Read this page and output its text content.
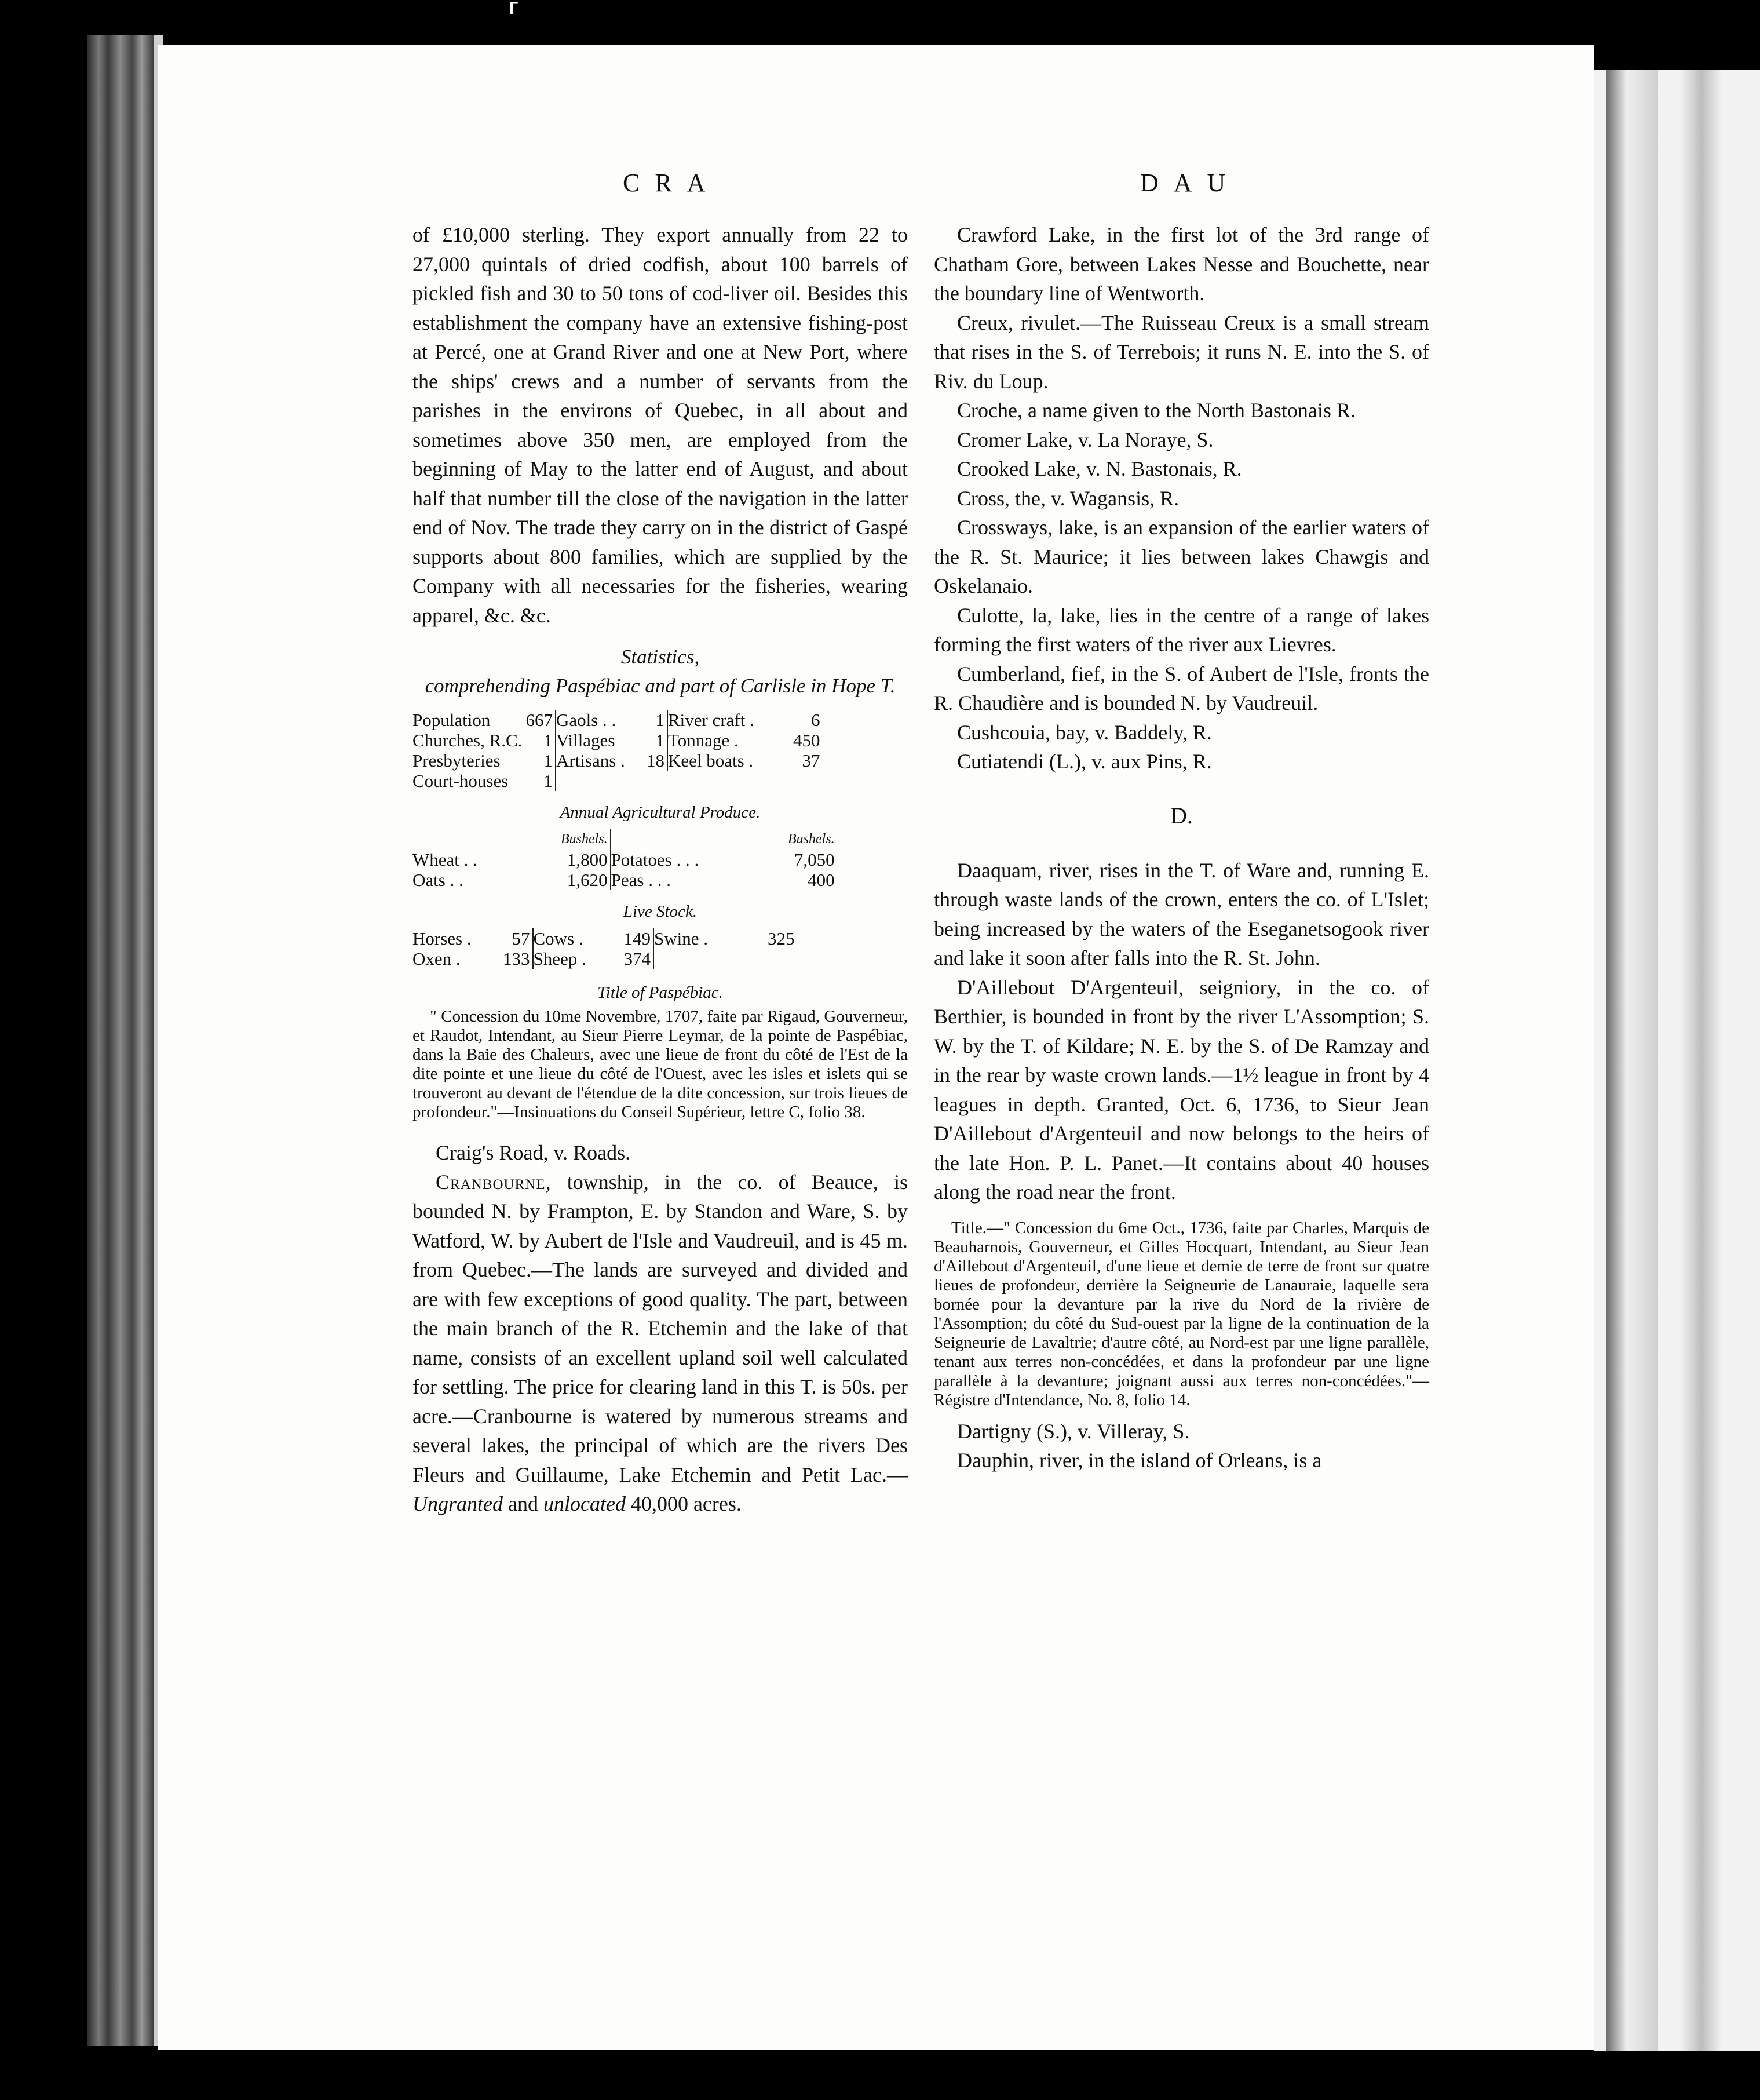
⸢
CRA	DAU

of £10,000 sterling. They export annually from 22 to 27,000 quintals of dried codfish, about 100 barrels of pickled fish and 30 to 50 tons of cod-liver oil. Besides this establishment the company have an extensive fishing-post at Percé, one at Grand River and one at New Port, where the ships' crews and a number of servants from the parishes in the environs of Quebec, in all about and sometimes above 350 men, are employed from the beginning of May to the latter end of August, and about half that number till the close of the navigation in the latter end of Nov. The trade they carry on in the district of Gaspé supports about 800 families, which are supplied by the Company with all necessaries for the fisheries, wearing apparel, &c. &c.

Statistics,
comprehending Paspébiac and part of Carlisle in Hope T.
Population	667	Gaols . .	1	River craft .	6
Churches, R.C.	1	Villages	1	Tonnage .	450
Presbyteries	1	Artisans .	18	Keel boats .	37
Court-houses	1				
Annual Agricultural Produce.
	Bushels.		Bushels.
Wheat . .	1,800	Potatoes . . .	7,050
Oats . .	1,620	Peas . . .	400
Live Stock.
Horses .	57	Cows .	149	Swine .	325
Oxen .	133	Sheep .	374		
Title of Paspébiac.

" Concession du 10me Novembre, 1707, faite par Rigaud, Gouverneur, et Raudot, Intendant, au Sieur Pierre Leymar, de la pointe de Paspébiac, dans la Baie des Chaleurs, avec une lieue de front du côté de l'Est de la dite pointe et une lieue du côté de l'Ouest, avec les isles et islets qui se trouveront au devant de l'étendue de la dite concession, sur trois lieues de profondeur."—Insinuations du Conseil Supérieur, lettre C, folio 38.

Craig's Road, v. Roads.

Cranbourne, township, in the co. of Beauce, is bounded N. by Frampton, E. by Standon and Ware, S. by Watford, W. by Aubert de l'Isle and Vaudreuil, and is 45 m. from Quebec.—The lands are surveyed and divided and are with few exceptions of good quality. The part, between the main branch of the R. Etchemin and the lake of that name, consists of an excellent upland soil well calculated for settling. The price for clearing land in this T. is 50s. per acre.—Cranbourne is watered by numerous streams and several lakes, the principal of which are the rivers Des Fleurs and Guillaume, Lake Etchemin and Petit Lac.— Ungranted and unlocated 40,000 acres.

Crawford Lake, in the first lot of the 3rd range of Chatham Gore, between Lakes Nesse and Bouchette, near the boundary line of Wentworth.

Creux, rivulet.—The Ruisseau Creux is a small stream that rises in the S. of Terrebois; it runs N. E. into the S. of Riv. du Loup.

Croche, a name given to the North Bastonais R.

Cromer Lake, v. La Noraye, S.

Crooked Lake, v. N. Bastonais, R.

Cross, the, v. Wagansis, R.

Crossways, lake, is an expansion of the earlier waters of the R. St. Maurice; it lies between lakes Chawgis and Oskelanaio.

Culotte, la, lake, lies in the centre of a range of lakes forming the first waters of the river aux Lievres.

Cumberland, fief, in the S. of Aubert de l'Isle, fronts the R. Chaudière and is bounded N. by Vaudreuil.

Cushcouia, bay, v. Baddely, R.

Cutiatendi (L.), v. aux Pins, R.

D.

Daaquam, river, rises in the T. of Ware and, running E. through waste lands of the crown, enters the co. of L'Islet; being increased by the waters of the Eseganetsogook river and lake it soon after falls into the R. St. John.

D'Aillebout D'Argenteuil, seigniory, in the co. of Berthier, is bounded in front by the river L'Assomption; S. W. by the T. of Kildare; N. E. by the S. of De Ramzay and in the rear by waste crown lands.—1½ league in front by 4 leagues in depth. Granted, Oct. 6, 1736, to Sieur Jean D'Aillebout d'Argenteuil and now belongs to the heirs of the late Hon. P. L. Panet.—It contains about 40 houses along the road near the front.

Title.—" Concession du 6me Oct., 1736, faite par Charles, Marquis de Beauharnois, Gouverneur, et Gilles Hocquart, Intendant, au Sieur Jean d'Aillebout d'Argenteuil, d'une lieue et demie de terre de front sur quatre lieues de profondeur, derrière la Seigneurie de Lanauraie, laquelle sera bornée pour la devanture par la rive du Nord de la rivière de l'Assomption; du côté du Sud-ouest par la ligne de la continuation de la Seigneurie de Lavaltrie; d'autre côté, au Nord-est par une ligne parallèle, tenant aux terres non-concédées, et dans la profondeur par une ligne parallèle à la devanture; joignant aussi aux terres non-concédées."—Régistre d'Intendance, No. 8, folio 14.

Dartigny (S.), v. Villeray, S.

Dauphin, river, in the island of Orleans, is a
